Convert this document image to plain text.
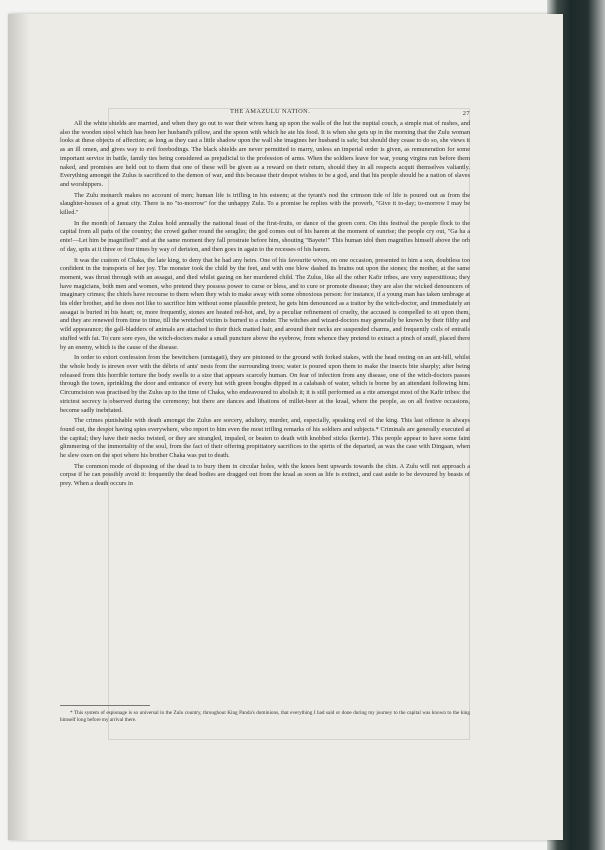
THE AMAZULU NATION.	27

All the white shields are married, and when they go out to war their wives hang up upon the walls of the hut the nuptial couch, a simple mat of rushes, and also the wooden stool which has been her husband's pillow, and the spoon with which he ate his food. It is when she gets up in the morning that the Zulu woman looks at these objects of affection; as long as they cast a little shadow upon the wall she imagines her husband is safe; but should they cease to do so, she views it as an ill omen, and gives way to evil forebodings. The black shields are never permitted to marry, unless an imperial order is given, as remuneration for some important service in battle, family ties being considered as prejudicial to the profession of arms. When the soldiers leave for war, young virgins run before them naked, and promises are held out to them that one of these will be given as a reward on their return, should they in all respects acquit themselves valiantly. Everything amongst the Zulus is sacrificed to the demon of war, and this because their despot wishes to be a god, and that his people should be a nation of slaves and worshippers.

The Zulu monarch makes no account of men; human life is trifling in his esteem; at the tyrant's nod the crimson tide of life is poured out as from the slaughter-houses of a great city. There is no "to-morrow" for the unhappy Zulu. To a promise he replies with the proverb, "Give it to-day; to-morrow I may be killed."

In the month of January the Zulus hold annually the national feast of the first-fruits, or dance of the green corn. On this festival the people flock to the capital from all parts of the country; the crowd gather round the seraglio; the god comes out of his harem at the moment of sunrise; the people cry out, "Ga ha a ente!—Let him be magnified!" and at the same moment they fall prostrate before him, shouting "Bayete!" This human idol then magnifies himself above the orb of day, spits at it three or four times by way of derision, and then goes in again to the recesses of his harem.

It was the custom of Chaka, the late king, to deny that he had any heirs. One of his favourite wives, on one occasion, presented to him a son, doubtless too confident in the transports of her joy. The monster took the child by the feet, and with one blow dashed its brains out upon the stones; the mother, at the same moment, was thrust through with an assagai, and died whilst gazing on her murdered child. The Zulus, like all the other Kafir tribes, are very superstitious; they have magicians, both men and women, who pretend they possess power to curse or bless, and to cure or promote disease; they are also the wicked denouncers of imaginary crimes; the chiefs have recourse to them when they wish to make away with some obnoxious person: for instance, if a young man has taken umbrage at his elder brother, and he does not like to sacrifice him without some plausible pretext, he gets him denounced as a traitor by the witch-doctor, and immediately an assagai is buried in his heart; or, more frequently, stones are heated red-hot, and, by a peculiar refinement of cruelty, the accused is compelled to sit upon them, and they are renewed from time to time, till the wretched victim is burned to a cinder. The witches and wizard-doctors may generally be known by their filthy and wild appearance; the gall-bladders of animals are attached to their thick matted hair, and around their necks are suspended charms, and frequently coils of entrails stuffed with fat. To cure sore eyes, the witch-doctors make a small puncture above the eyebrow, from whence they pretend to extract a pinch of snuff, placed there by an enemy, which is the cause of the disease.

In order to extort confession from the bewitchers (umtagati), they are pinioned to the ground with forked stakes, with the head resting on an ant-hill, whilst the whole body is strewn over with the débris of ants' nests from the surrounding trees; water is poured upon them to make the insects bite sharply; after being released from this horrible torture the body swells to a size that appears scarcely human. On fear of infection from any disease, one of the witch-doctors passes through the town, sprinkling the door and entrance of every hut with green boughs dipped in a calabash of water, which is borne by an attendant following him. Circumcision was practised by the Zulus up to the time of Chaka, who endeavoured to abolish it; it is still performed as a rite amongst most of the Kafir tribes: the strictest secrecy is observed during the ceremony; but there are dances and libations of millet-beer at the kraal, where the people, as on all festive occasions, become sadly inebriated.

The crimes punishable with death amongst the Zulus are sorcery, adultery, murder, and, especially, speaking evil of the king. This last offence is always found out, the despot having spies everywhere, who report to him even the most trifling remarks of his soldiers and subjects.* Criminals are generally executed at the capital; they have their necks twisted, or they are strangled, impaled, or beaten to death with knobbed sticks (kerrie). This people appear to have some faint glimmering of the immortality of the soul, from the fact of their offering propitiatory sacrifices to the spirits of the departed, as was the case with Dingaan, when he slew oxen on the spot where his brother Chaka was put to death.

The common mode of disposing of the dead is to bury them in circular holes, with the knees bent upwards towards the chin. A Zulu will not approach a corpse if he can possibly avoid it: frequently the dead bodies are dragged out from the kraal as soon as life is extinct, and cast aside to be devoured by beasts of prey. When a death occurs in

* This system of espionage is so universal in the Zulu country, throughout King Panda's dominions, that everything I had said or done during my journey to the capital was known to the king himself long before my arrival there.
